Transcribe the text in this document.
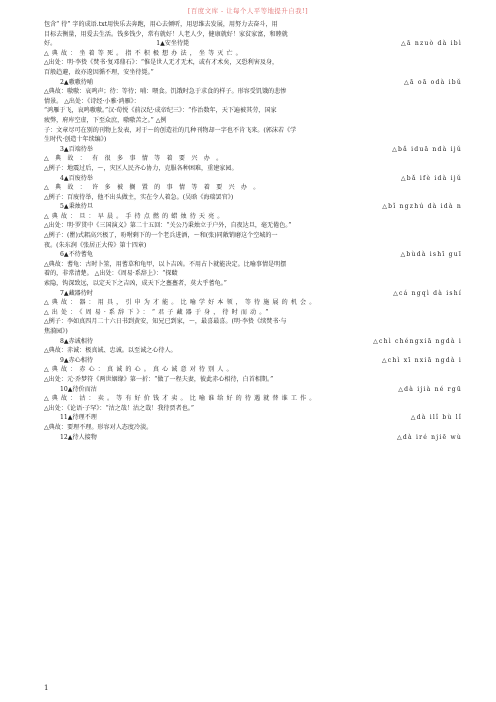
[百度文库 - 让每个人平等地提升自我!]
包含“ 待” 字的成语.txt用快乐去奔跑，用心去倾听，用思维去发展，用努力去奋斗，用
目标去衡量，用爱去生活。钱多钱少，常有就好！人老人少，健康就好！家贫家富，和睦就
好。	1▲安坐待毙	△ā nzuò dà ibì
△典故：坐着等死。指不积极想办法，坐等灭亡。
△出处：明·李贽《焚书·复邓鼎石》：“惟是世人无才无术，或有才术矣，又恐利害及身，
百般趋避，故亦逡因循不理，安坐待毙。”
2▲嗷嗷待哺	△ā oā odà ibǔ
△典故：嗷嗷：哀鸣声；待：等待；哺：喂食。饥饿时急于求食的样子。形容受饥饿的悲惨
情景。 △出处：《诗经·小雅·鸿雁》：
“鸿雁于飞，哀鸣嗷嗷。”汉·荀悦《前汉纪·成帝纪三》：“作治数年，天下遍被其劳，国家
疲弊，府库空虚，下至众庶，嗷嗷苦之。” △例
子：文章尽可在别的刊物上发表，对于～的创造社的几种刊物却一字也不肯飞来。(郭沫若《学
生时代·创造十年续编》)
3▲百端待举	△bǎ iduā ndà ijǔ
△典故：有很多事情等着要兴办。
△例子：地震过后，～，灾区人民齐心协力，克服各种困难，重建家园。
4▲百废待举	△bǎ ifè idà ijǔ
△典故：许多被搁置的事情等着要兴办。
△例子：百废待举，他不出头做主，实在令人着急。(吴晗《海瑞罢官》)
5▲秉烛待旦	△bǐ ngzhú dà idà n
△典故：旦：早晨。手持点燃的蜡烛待天亮。
△出处：明·罗贯中《三国演义》第二十五回：“关公乃秉烛立于户外，自夜达旦，毫无倦色。”
△例子：(瞿)式耜高兴极了，吩咐剩下的一个老兵进酒，～和(张)同敞销磨这个空城的一
夜。(朱东润《张居正大传》第十四章)
6▲不待蓍龟	△bùdà ishī guī
△典故：蓍龟：古时卜筮，用蓍草和龟甲，以卜吉凶。不用占卜就能决定。比喻事情是明摆
着的，非常清楚。 △出处：《周易·系辞上》：“探赜
索隐，钩深致远，以定天下之吉凶，成天下之亹亹者，莫大乎蓍龟。”
7▲藏器待时	△cá ngqì dà ishí
△典故：器：用具，引申为才能。比喻学好本领，等待施展的机会。
△出处：《周易·系辞下》：“君子藏器于身，待时而动。”
△例子：李如真四月二十六日书到黄安，知兄已到家，～，最喜最喜。(明·李贽《续焚书·与
焦漪园》)
8▲赤诚相待	△chì chéngxiā ngdà i
△典故：赤诚：极真诚、忠诚。以至诚之心待人。
9▲赤心相待	△chì xī nxiā ngdà i
△典故：赤心：真诚的心。真心诚意对待别人。
△出处：元·乔梦符《两世姻缘》第一折：“做了一程夫妻，彼此赤心相待，白首相期。”
10▲待价而沽	△dà ijià né rgū
△典故：沽：卖。等有好价钱才卖。比喻谁给好的待遇就替谁工作。
△出处：《论语·子罕》：“沽之哉！沽之哉！我待贾者也。”
11▲待理不理	△dà ilǐ bù lǐ
△典故：要理不理。形容对人态度冷淡。
12▲待人接物	△dà iré njiē wù
1
